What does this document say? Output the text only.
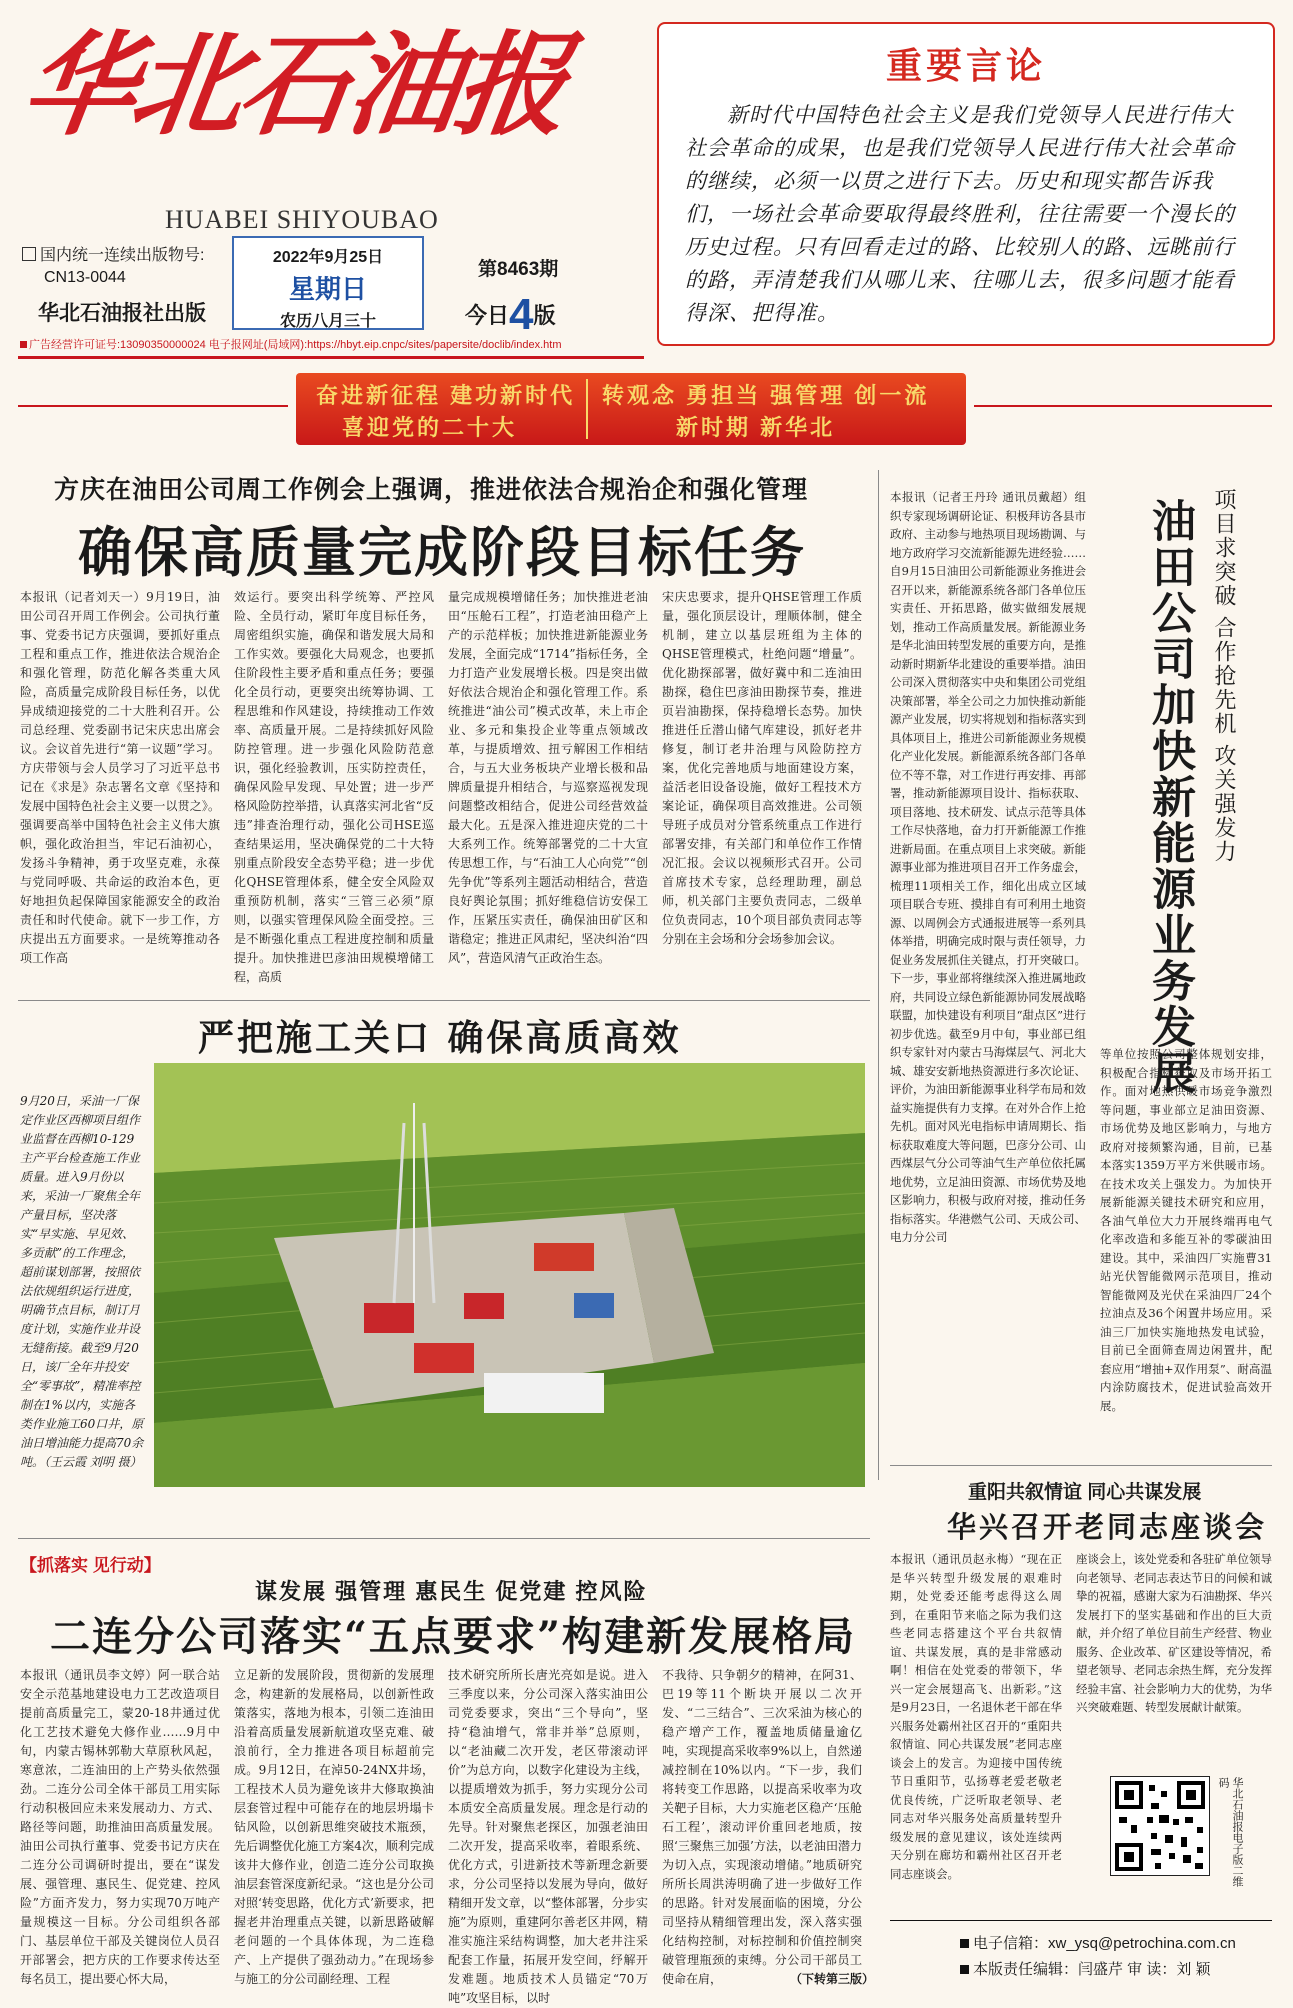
华北石油报
HUABEI SHIYOUBAO
国内统一连续出版物号:
CN13-0044
华北石油报社出版
2022年9月25日
星期日
农历八月三十
第8463期
今日4版
广告经营许可证号:13090350000024 电子报网址(局域网):https://hbyt.eip.cnpc/sites/papersite/doclib/index.htm
重要言论
新时代中国特色社会主义是我们党领导人民进行伟大社会革命的成果，也是我们党领导人民进行伟大社会革命的继续，必须一以贯之进行下去。历史和现实都告诉我们，一场社会革命要取得最终胜利，往往需要一个漫长的历史过程。只有回看走过的路、比较别人的路、远眺前行的路，弄清楚我们从哪儿来、往哪儿去，很多问题才能看得深、把得准。
奋进新征程 建功新时代
喜迎党的二十大
转观念 勇担当 强管理 创一流
新时期 新华北
方庆在油田公司周工作例会上强调，推进依法合规治企和强化管理
确保高质量完成阶段目标任务
本报讯（记者刘天一）9月19日，油田公司召开周工作例会。公司执行董事、党委书记方庆强调，要抓好重点工程和重点工作，推进依法合规治企和强化管理，防范化解各类重大风险，高质量完成阶段目标任务，以优异成绩迎接党的二十大胜利召开。公司总经理、党委副书记宋庆忠出席会议。会议首先进行“第一议题”学习。方庆带领与会人员学习了习近平总书记在《求是》杂志署名文章《坚持和发展中国特色社会主义要一以贯之》。强调要高举中国特色社会主义伟大旗帜，强化政治担当，牢记石油初心，发扬斗争精神，勇于攻坚克难，永葆与党同呼吸、共命运的政治本色，更好地担负起保障国家能源安全的政治责任和时代使命。就下一步工作，方庆提出五方面要求。一是统筹推动各项工作高
效运行。要突出科学统筹、严控风险、全员行动，紧盯年度目标任务，周密组织实施，确保和谐发展大局和工作实效。要强化大局观念，也要抓住阶段性主要矛盾和重点任务；要强化全员行动，更要突出统筹协调、工程思维和作风建设，持续推动工作效率、高质量开展。二是持续抓好风险防控管理。进一步强化风险防范意识，强化经验教训，压实防控责任，确保风险早发现、早处置；进一步严格风险防控举措，认真落实河北省“反违”排查治理行动，强化公司HSE巡查结果运用，坚决确保党的二十大特别重点阶段安全态势平稳；进一步优化QHSE管理体系，健全安全风险双重预防机制，落实“三管三必须”原则，以强实管理保风险全面受控。三是不断强化重点工程进度控制和质量提升。加快推进巴彦油田规模增储工程，高质
量完成规模增储任务；加快推进老油田“压舱石工程”，打造老油田稳产上产的示范样板；加快推进新能源业务发展，全面完成“1714”指标任务，全力打造产业发展增长极。四是突出做好依法合规治企和强化管理工作。系统推进“油公司”模式改革，未上市企业、多元和集投企业等重点领域改革，与提质增效、扭亏解困工作相结合，与五大业务板块产业增长极和品牌质量提升相结合，与巡察巡视发现问题整改相结合，促进公司经营效益最大化。五是深入推进迎庆党的二十大系列工作。统筹部署党的二十大宣传思想工作，与“石油工人心向党”“创先争优”等系列主题活动相结合，营造良好舆论氛围；抓好维稳信访安保工作，压紧压实责任，确保油田矿区和谐稳定；推进正风肃纪，坚决纠治“四风”，营造风清气正政治生态。
宋庆忠要求，提升QHSE管理工作质量，强化顶层设计，理顺体制，健全机制，建立以基层班组为主体的QHSE管理模式，杜绝问题“增量”。优化勘探部署，做好冀中和二连油田勘探，稳住巴彦油田勘探节奏，推进页岩油勘探，保持稳增长态势。加快推进任丘潜山储气库建设，抓好老井修复，制订老井治理与风险防控方案，优化完善地质与地面建设方案，益活老旧设备设施，做好工程技术方案论证，确保项目高效推进。公司领导班子成员对分管系统重点工作进行部署安排，有关部门和单位作工作情况汇报。会议以视频形式召开。公司首席技术专家，总经理助理，副总师，机关部门主要负责同志，二级单位负责同志，10个项目部负责同志等分别在主会场和分会场参加会议。	油田公司加快新能源业务发展 项目求突破 合作抢先机 攻关强发力
本报讯（记者王丹玲 通讯员戴超）组织专家现场调研论证、积极拜访各县市政府、主动参与地热项目现场勘调、与地方政府学习交流新能源先进经验……自9月15日油田公司新能源业务推进会召开以来，新能源系统各部门各单位压实责任、开拓思路，做实做细发展规划，推动工作高质量发展。新能源业务是华北油田转型发展的重要方向，是推动新时期新华北建设的重要举措。油田公司深入贯彻落实中央和集团公司党组决策部署，举全公司之力加快推动新能源产业发展，切实将规划和指标落实到具体项目上，推进公司新能源业务规模化产业化发展。新能源系统各部门各单位不等不靠，对工作进行再安排、再部署，推动新能源项目设计、指标获取、项目落地、技术研发、试点示范等具体工作尽快落地，奋力打开新能源工作推进新局面。在重点项目上求突破。新能源事业部为推进项目召开工作务虚会，梳理11项相关工作，细化出成立区域项目联合专班、摸排自有可利用土地资源、以周例会方式通报进展等一系列具体举措，明确完成时限与责任领导，力促业务发展抓住关键点，打开突破口。下一步，事业部将继续深入推进属地政府，共同设立绿色新能源协同发展战略联盟，加快建设有利项目“甜点区”进行初步优选。截至9月中旬，事业部已组织专家针对内蒙古马海煤层气、河北大城、雄安安新地热资源进行多次论证、评价，为油田新能源事业科学布局和效益实施提供有力支撑。在对外合作上抢先机。面对风光电指标申请周期长、指标获取难度大等问题，巴彦分公司、山西煤层气分公司等油气生产单位依托属地优势，立足油田资源、市场优势及地区影响力，积极与政府对接，推动任务指标落实。华港燃气公司、天成公司、电力分公司
等单位按照公司整体规划安排，积极配合指标获取及市场开拓工作。面对地热供暖市场竞争激烈等问题，事业部立足油田资源、市场优势及地区影响力，与地方政府对接频繁沟通，目前，已基本落实1359万平方米供暖市场。在技术攻关上强发力。为加快开展新能源关键技术研究和应用，各油气单位大力开展终端再电气化率改造和多能互补的零碳油田建设。其中，采油四厂实施曹31站光伏智能微网示范项目，推动智能微网及光伏在采油四厂24个拉油点及36个闲置井场应用。采油三厂加快实施地热发电试验，目前已全面筛查周边闲置井，配套应用“增抽+双作用泵”、耐高温内涂防腐技术，促进试验高效开展。
严把施工关口 确保高质高效
9月20日，采油一厂保定作业区西柳项目组作业监督在西柳10-129主产平台检查施工作业质量。进入9月份以来，采油一厂聚焦全年产量目标，坚决落实“早实施、早见效、多贡献”的工作理念，超前谋划部署，按照依法依规组织运行进度，明确节点目标，制订月度计划，实施作业井设无缝衔接。截至9月20日，该厂全年井投安全“零事故”，精准率控制在1%以内，实施各类作业施工60口井，原油日增油能力提高70余吨。（王云霞 刘明 摄）
【抓落实 见行动】
谋发展 强管理 惠民生 促党建 控风险
二连分公司落实“五点要求”构建新发展格局
本报讯（通讯员李文婷）阿一联合站安全示范基地建设电力工艺改造项目提前高质量完工，蒙20-18井通过优化工艺技术避免大修作业……9月中旬，内蒙古锡林郭勒大草原秋风起，寒意浓，二连油田的上产势头依然强劲。二连分公司全体干部员工用实际行动积极回应未来发展动力、方式、路径等问题，助推油田高质量发展。油田公司执行董事、党委书记方庆在二连分公司调研时提出，要在“谋发展、强管理、惠民生、促党建、控风险”方面齐发力，努力实现70万吨产量规模这一目标。分公司组织各部门、基层单位干部及关键岗位人员召开部署会，把方庆的工作要求传达至每名员工，提出要心怀大局，
立足新的发展阶段，贯彻新的发展理念，构建新的发展格局，以创新性政策落实，落地为根本，引领二连油田沿着高质量发展新航道攻坚克难、破浪前行，全力推进各项目标超前完成。9月12日，在淖50-24NX井场，工程技术人员为避免该井大修取换油层套管过程中可能存在的地层坍塌卡钻风险，以创新思维突破技术瓶颈，先后调整优化施工方案4次，顺利完成该井大修作业，创造二连分公司取换油层套管深度新纪录。“这也是分公司对照‘转变思路，优化方式’新要求，把握老井治理重点关键，以新思路破解老问题的一个具体体现，为二连稳产、上产提供了强劲动力。”在现场参与施工的分公司副经理、工程
技术研究所所长唐光亮如是说。进入三季度以来，分公司深入落实油田公司党委要求，突出“三个导向”，坚持“稳油增气，常非并举”总原则，以“老油藏二次开发，老区带滚动评价”为总方向，以数字化建设为主线，以提质增效为抓手，努力实现分公司本质安全高质量发展。理念是行动的先导。针对聚焦老探区，加强老油田二次开发，提高采收率，着眼系统、优化方式，引进新技术等新理念新要求，分公司坚持以发展为导向，做好精细开发文章，以“整体部署，分步实施”为原则，重建阿尔善老区井网，精准实施注采结构调整，加大老井注采配套工作量，拓展开发空间，纾解开发难题。地质技术人员锚定“70万吨”攻坚目标，以时
不我待、只争朝夕的精神，在阿31、巴19等11个断块开展以二次开发、“二三结合”、三次采油为核心的稳产增产工作，覆盖地质储量逾亿吨，实现提高采收率9%以上，自然递减控制在10%以内。“下一步，我们将转变工作思路，以提高采收率为攻关靶子目标，大力实施老区稳产‘压舱石工程’，滚动评价重回老地质，按照‘三聚焦三加强’方法，以老油田潜力为切入点，实现滚动增储。”地质研究所所长周洪涛明确了进一步做好工作的思路。针对发展面临的困境，分公司坚持从精细管理出发，深入落实强化结构控制，对标控制和价值控制突破管理瓶颈的束缚。分公司干部员工使命在肩，	（下转第三版）
重阳共叙情谊 同心共谋发展
华兴召开老同志座谈会
本报讯（通讯员赵永梅）“现在正是华兴转型升级发展的艰难时期，处党委还能考虑得这么周到，在重阳节来临之际为我们这些老同志搭建这个平台共叙情谊、共谋发展，真的是非常感动啊！相信在处党委的带领下，华兴一定会展翅高飞、出新彩。”这是9月23日，一名退休老干部在华兴服务处霸州社区召开的“重阳共叙情谊、同心共谋发展”老同志座谈会上的发言。为迎接中国传统节日重阳节，弘扬尊老爱老敬老优良传统，广泛听取老领导、老同志对华兴服务处高质量转型升级发展的意见建议，该处连续两天分别在廊坊和霸州社区召开老同志座谈会。
座谈会上，该处党委和各驻矿单位领导向老领导、老同志表达节日的问候和诚挚的祝福，感谢大家为石油勘探、华兴发展打下的坚实基础和作出的巨大贡献，并介绍了单位目前生产经营、物业服务、企业改革、矿区建设等情况，希望老领导、老同志余热生辉，充分发挥经验丰富、社会影响力大的优势，为华兴突破难题、转型发展献计献策。
华北石油报电子版二维码
电子信箱：xw_ysq@petrochina.com.cn
本版责任编辑：闫盛芹 审 读：刘 颖
